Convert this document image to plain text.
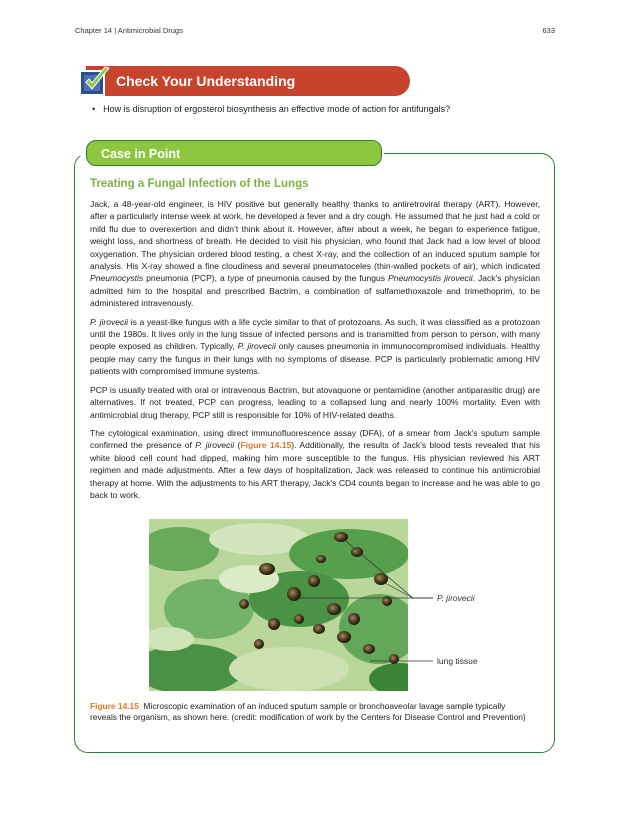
Chapter 14 | Antimicrobial Drugs	633
Check Your Understanding
• How is disruption of ergosterol biosynthesis an effective mode of action for antifungals?
Case in Point
Treating a Fungal Infection of the Lungs

Jack, a 48-year-old engineer, is HIV positive but generally healthy thanks to antiretroviral therapy (ART). However, after a particularly intense week at work, he developed a fever and a dry cough. He assumed that he just had a cold or mild flu due to overexertion and didn’t think about it. However, after about a week, he began to experience fatigue, weight loss, and shortness of breath. He decided to visit his physician, who found that Jack had a low level of blood oxygenation. The physician ordered blood testing, a chest X-ray, and the collection of an induced sputum sample for analysis. His X-ray showed a fine cloudiness and several pneumatoceles (thin-walled pockets of air), which indicated Pneumocystis pneumonia (PCP), a type of pneumonia caused by the fungus Pneumocystis jirovecii. Jack's physician admitted him to the hospital and prescribed Bactrim, a combination of sulfamethoxazole and trimethoprim, to be administered intravenously.

P. jirovecii is a yeast-like fungus with a life cycle similar to that of protozoans. As such, it was classified as a protozoan until the 1980s. It lives only in the lung tissue of infected persons and is transmitted from person to person, with many people exposed as children. Typically, P. jirovecii only causes pneumonia in immunocompromised individuals. Healthy people may carry the fungus in their lungs with no symptoms of disease. PCP is particularly problematic among HIV patients with compromised immune systems.

PCP is usually treated with oral or intravenous Bactrim, but atovaquone or pentamidine (another antiparasitic drug) are alternatives. If not treated, PCP can progress, leading to a collapsed lung and nearly 100% mortality. Even with antimicrobial drug therapy, PCP still is responsible for 10% of HIV-related deaths.

The cytological examination, using direct immunofluorescence assay (DFA), of a smear from Jack's sputum sample confirmed the presence of P. jirovecii (Figure 14.15). Additionally, the results of Jack's blood tests revealed that his white blood cell count had dipped, making him more susceptible to the fungus. His physician reviewed his ART regimen and made adjustments. After a few days of hospitalization, Jack was released to continue his antimicrobial therapy at home. With the adjustments to his ART therapy, Jack's CD4 counts began to increase and he was able to go back to work.

P. jirovecii
lung tissue
Figure 14.15 Microscopic examination of an induced sputum sample or bronchoaveolar lavage sample typically reveals the organism, as shown here. (credit: modification of work by the Centers for Disease Control and Prevention)
